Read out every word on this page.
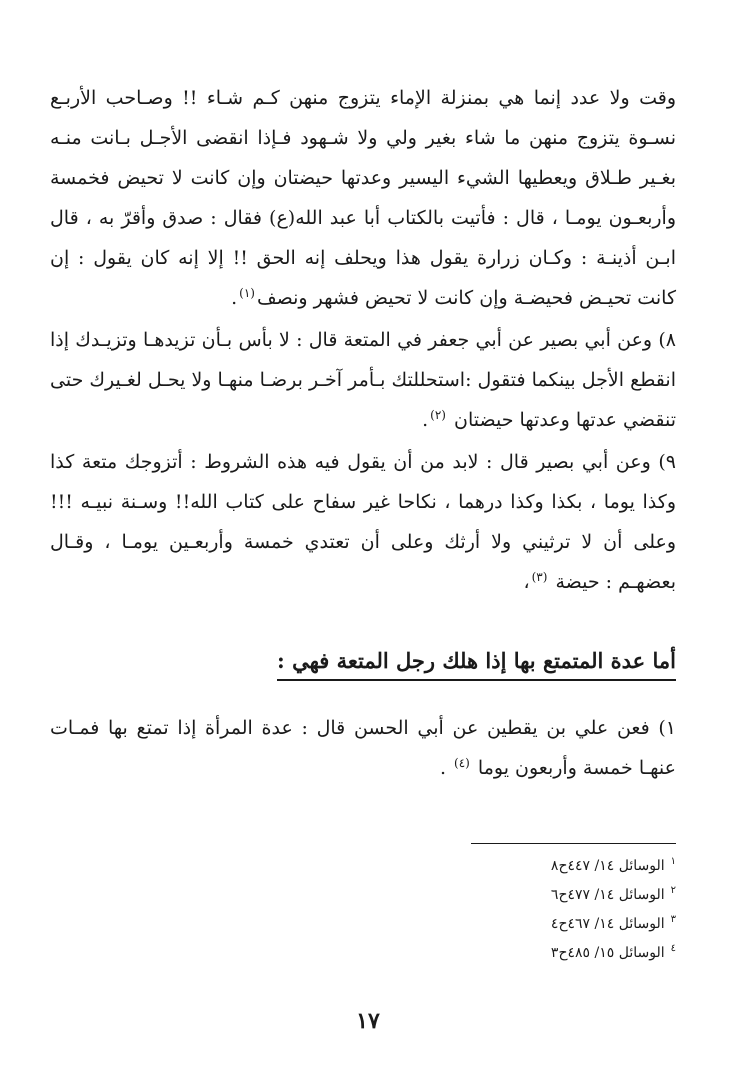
وقت ولا عدد إنما هي بمنزلة الإماء يتزوج منهن كـم شـاء !! وصـاحب الأربـع نسـوة يتزوج منهن ما شاء بغير ولي ولا شـهود فـإذا انقضى الأجـل بـانت منـه بغـير طـلاق ويعطيها الشيء اليسير وعدتها حيضتان وإن كانت لا تحيض فخمسة وأربعـون يومـا ، قال : فأتيت بالكتاب أبا عبد الله(ع) فقال : صدق وأقرّ به ، قال ابـن أذينـة : وكـان زرارة يقول هذا ويحلف إنه الحق !! إلا إنه كان يقول : إن كانت تحيـض فحيضـة وإن كانت لا تحيض فشهر ونصف$^{(١)}$.

٨) وعن أبي بصير عن أبي جعفر في المتعة قال : لا بأس بـأن تزيدهـا وتزيـدك إذا انقطع الأجل بينكما فتقول :استحللتك بـأمر آخـر برضـا منهـا ولا يحـل لغـيرك حتى تنقضي عدتها وعدتها حيضتان $^{(٢)}$.

٩) وعن أبي بصير قال : لابد من أن يقول فيه هذه الشروط : أتزوجك متعة كذا وكذا يوما ، بكذا وكذا درهما ، نكاحا غير سفاح على كتاب الله!! وسـنة نبيـه !!! وعلى أن لا ترثيني ولا أرثك وعلى أن تعتدي خمسة وأربعـين يومـا ، وقـال بعضهـم : حيضة $^{(٣)}$،

أما عدة المتمتع بها إذا هلك رجل المتعة فهي :

١) فعن علي بن يقطين عن أبي الحسن قال : عدة المرأة إذا تمتع بها فمـات عنهـا خمسة وأربعون يوما $^{(٤)}$ .

$^١$الوسائل ١٤/ ٤٤٧ح٨
$^٢$الوسائل ١٤/ ٤٧٧ح٦
$^٣$الوسائل ١٤/ ٤٦٧ح٤
$^٤$الوسائل ١٥/ ٤٨٥ح٣
١٧
